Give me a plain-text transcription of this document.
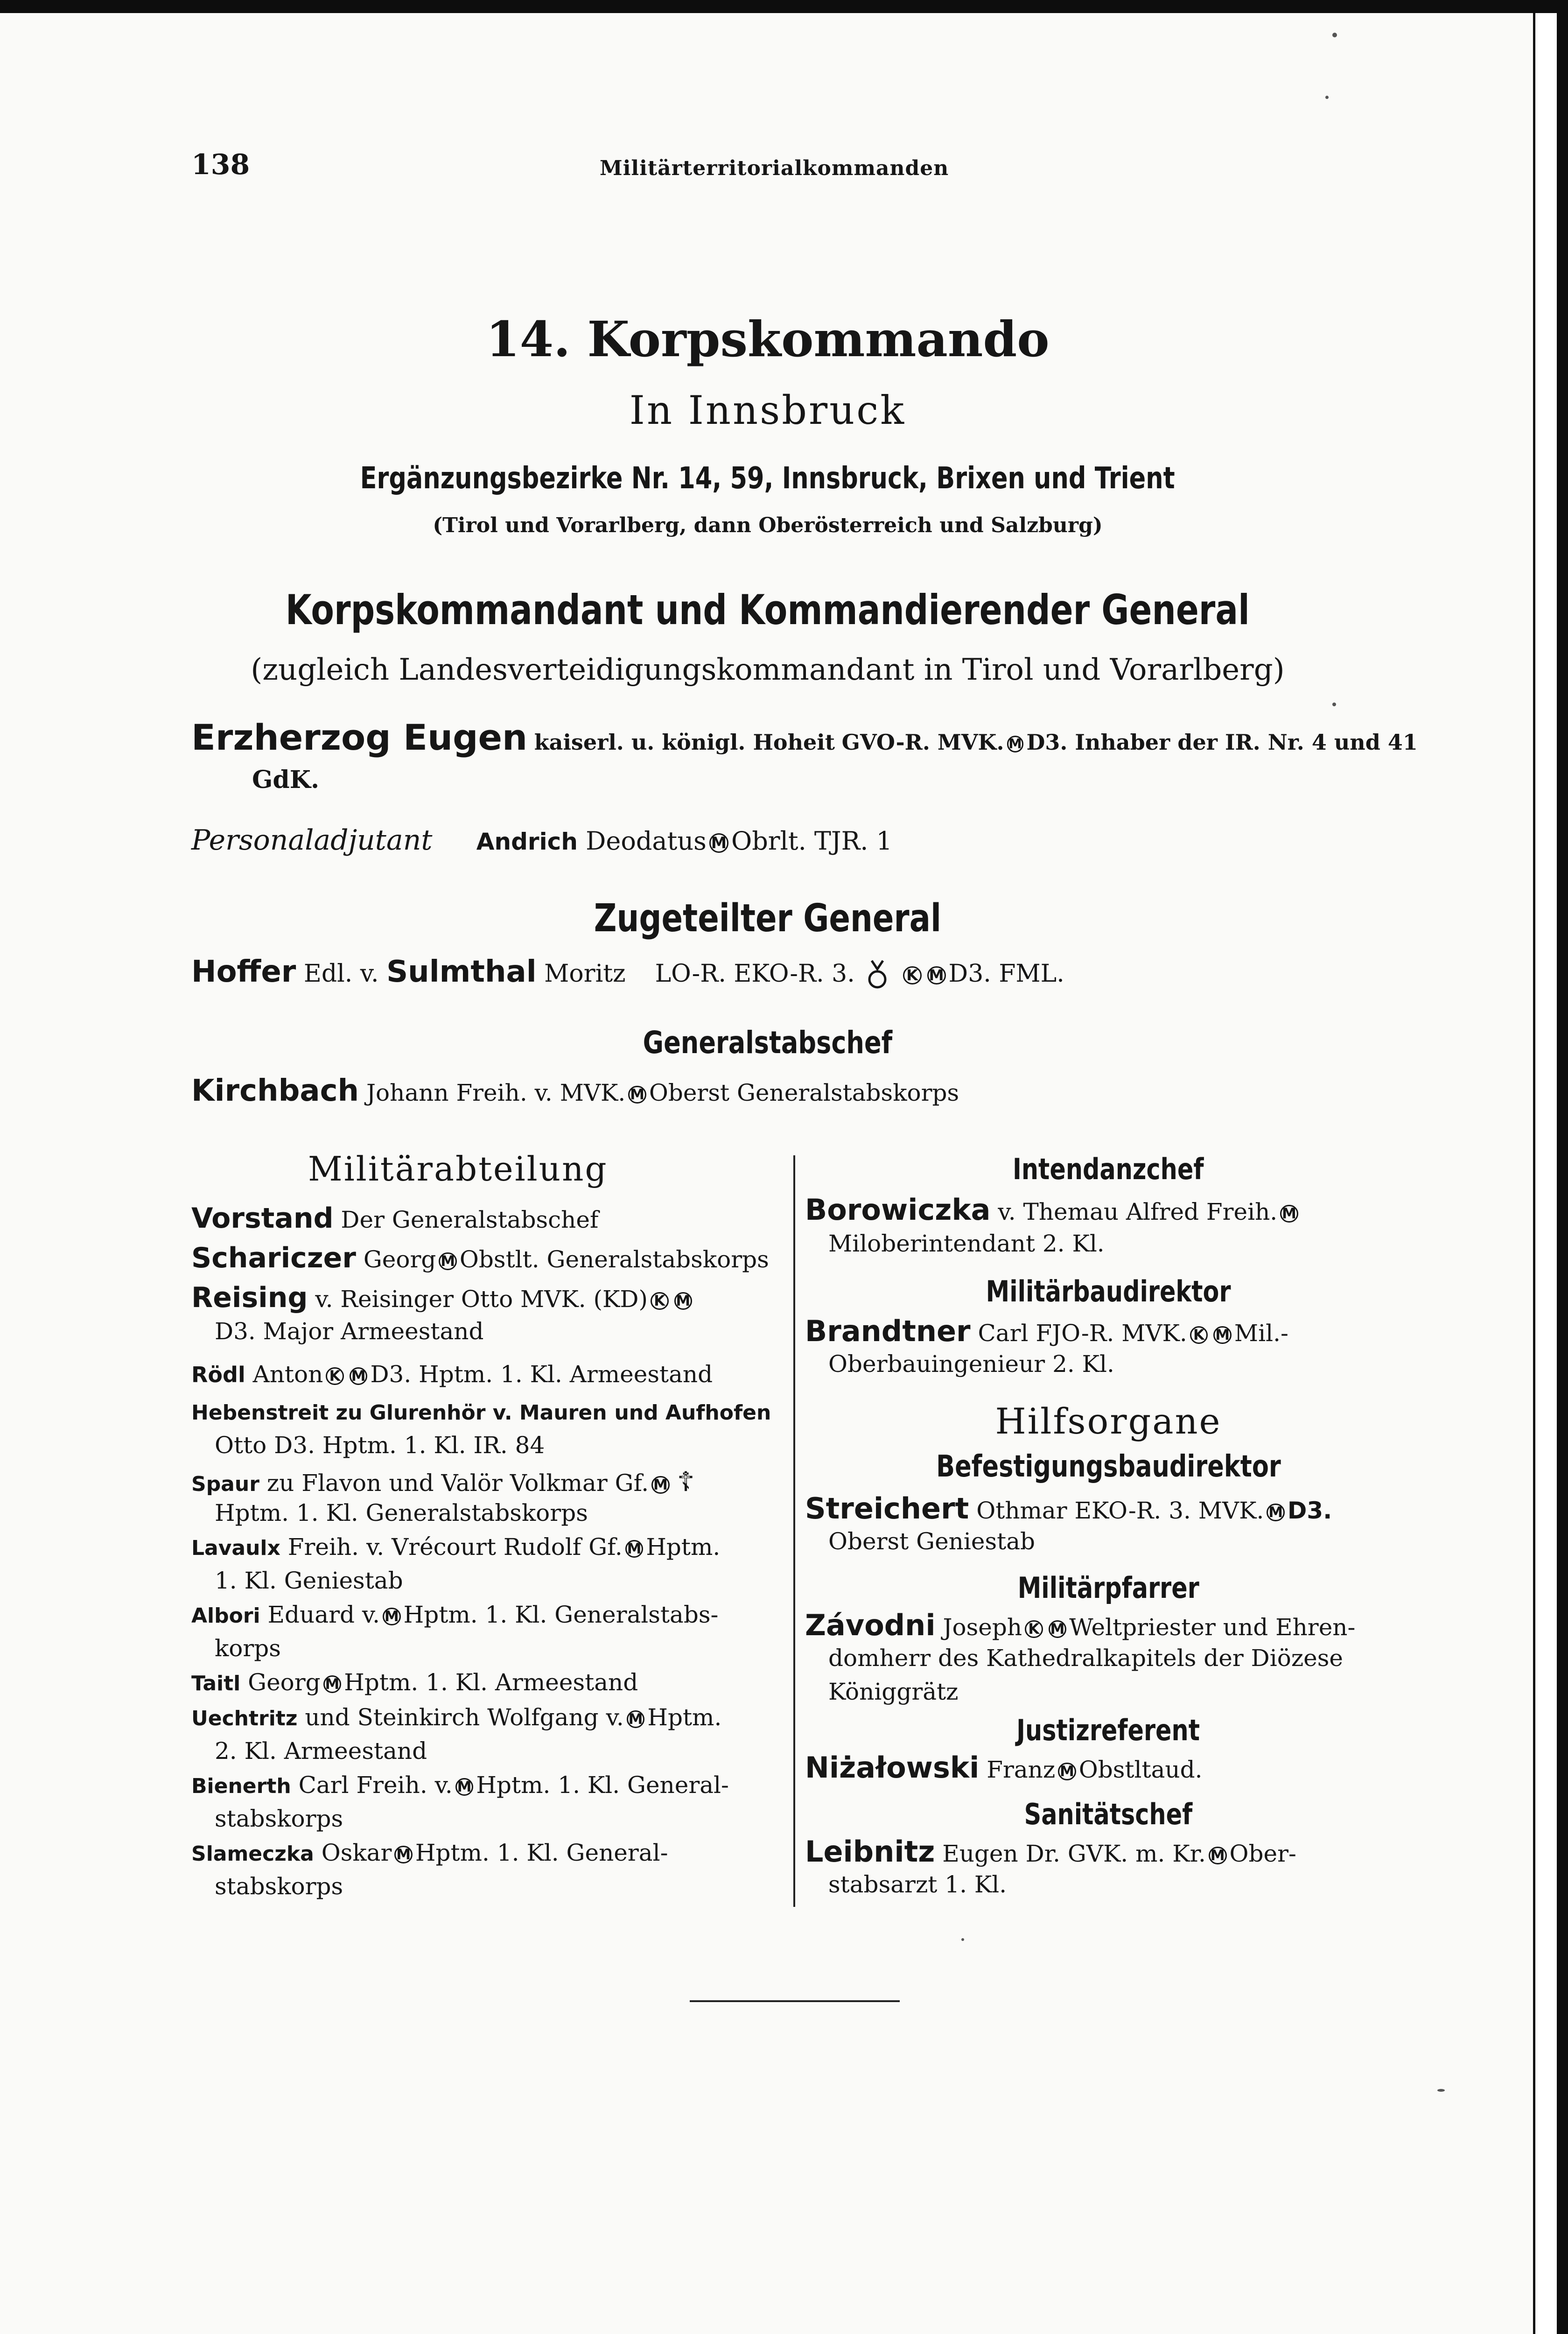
138	Militärterritorialkommanden
14. Korpskommando
In Innsbruck
Ergänzungsbezirke Nr. 14, 59, Innsbruck, Brixen und Trient
(Tirol und Vorarlberg, dann Oberösterreich und Salzburg)
Korpskommandant und Kommandierender General
(zugleich Landesverteidigungskommandant in Tirol und Vorarlberg)
Erzherzog Eugen kaiserl. u. königl. Hoheit GVO-R. MVK. M D3. Inhaber der IR. Nr. 4 und 41
GdK.
Personaladjutant Andrich Deodatus M Obrlt. TJR. 1
Zugeteilter General
Hoffer Edl. v. Sulmthal Moritz LO-R. EKO-R. 3.	K M D3. FML.
Generalstabschef
Kirchbach Johann Freih. v. MVK. M Oberst Generalstabskorps
Militärabteilung
Vorstand Der Generalstabschef
Schariczer Georg M Obstlt. Generalstabskorps
Reising v. Reisinger Otto MVK. (KD) K M
D3. Major Armeestand
Rödl Anton K M D3. Hptm. 1. Kl. Armeestand
Hebenstreit zu Glurenhör v. Mauren und Aufhofen
Otto D3. Hptm. 1. Kl. IR. 84
Spaur zu Flavon und Valör Volkmar Gf. M ☦
Hptm. 1. Kl. Generalstabskorps
Lavaulx Freih. v. Vrécourt Rudolf Gf. M Hptm.
1. Kl. Geniestab
Albori Eduard v. M Hptm. 1. Kl. Generalstabs-
korps
Taitl Georg M Hptm. 1. Kl. Armeestand
Uechtritz und Steinkirch Wolfgang v. M Hptm.
2. Kl. Armeestand
Bienerth Carl Freih. v. M Hptm. 1. Kl. General-
stabskorps
Slameczka Oskar M Hptm. 1. Kl. General-
stabskorps
Intendanzchef
Borowiczka v. Themau Alfred Freih. M
Miloberintendant 2. Kl.
Militärbaudirektor
Brandtner Carl FJO-R. MVK. K M Mil.-
Oberbauingenieur 2. Kl.
Hilfsorgane
Befestigungsbaudirektor
Streichert Othmar EKO-R. 3. MVK. M D3.
Oberst Geniestab
Militärpfarrer
Závodni Joseph K M Weltpriester und Ehren-
domherr des Kathedralkapitels der Diözese
Königgrätz
Justizreferent
Niżałowski Franz M Obstltaud.
Sanitätschef
Leibnitz Eugen Dr. GVK. m. Kr. M Ober-
stabsarzt 1. Kl.
